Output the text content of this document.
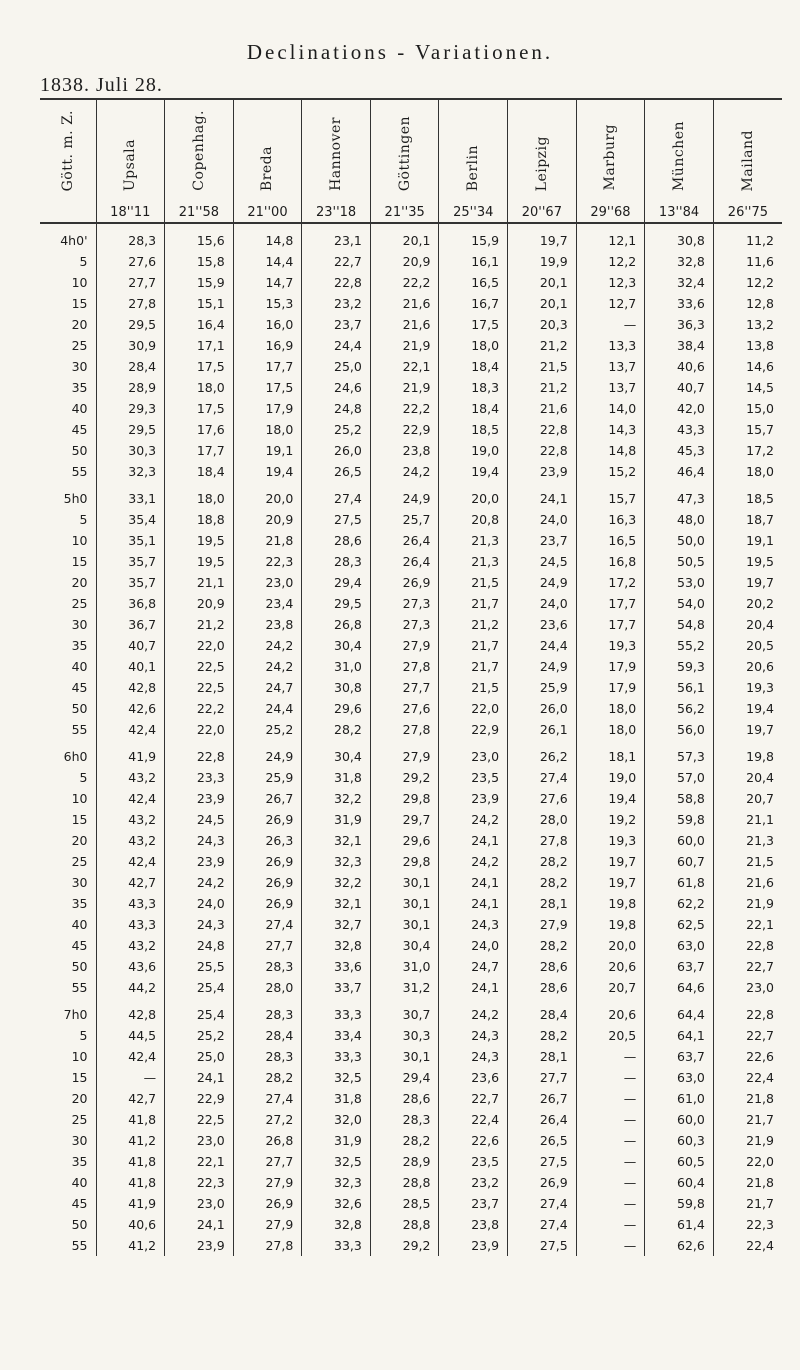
Declinations - Variationen.
1838. Juli 28.
Gött. m. Z.	Upsala	Copenhag.	Breda	Hannover	Göttingen	Berlin	Leipzig	Marburg	München	Mailand
	18''11	21''58	21''00	23''18	21''35	25''34	20''67	29''68	13''84	26''75
4h0'	28,3	15,6	14,8	23,1	20,1	15,9	19,7	12,1	30,8	11,2
5	27,6	15,8	14,4	22,7	20,9	16,1	19,9	12,2	32,8	11,6
10	27,7	15,9	14,7	22,8	22,2	16,5	20,1	12,3	32,4	12,2
15	27,8	15,1	15,3	23,2	21,6	16,7	20,1	12,7	33,6	12,8
20	29,5	16,4	16,0	23,7	21,6	17,5	20,3	—	36,3	13,2
25	30,9	17,1	16,9	24,4	21,9	18,0	21,2	13,3	38,4	13,8
30	28,4	17,5	17,7	25,0	22,1	18,4	21,5	13,7	40,6	14,6
35	28,9	18,0	17,5	24,6	21,9	18,3	21,2	13,7	40,7	14,5
40	29,3	17,5	17,9	24,8	22,2	18,4	21,6	14,0	42,0	15,0
45	29,5	17,6	18,0	25,2	22,9	18,5	22,8	14,3	43,3	15,7
50	30,3	17,7	19,1	26,0	23,8	19,0	22,8	14,8	45,3	17,2
55	32,3	18,4	19,4	26,5	24,2	19,4	23,9	15,2	46,4	18,0
5h0	33,1	18,0	20,0	27,4	24,9	20,0	24,1	15,7	47,3	18,5
5	35,4	18,8	20,9	27,5	25,7	20,8	24,0	16,3	48,0	18,7
10	35,1	19,5	21,8	28,6	26,4	21,3	23,7	16,5	50,0	19,1
15	35,7	19,5	22,3	28,3	26,4	21,3	24,5	16,8	50,5	19,5
20	35,7	21,1	23,0	29,4	26,9	21,5	24,9	17,2	53,0	19,7
25	36,8	20,9	23,4	29,5	27,3	21,7	24,0	17,7	54,0	20,2
30	36,7	21,2	23,8	26,8	27,3	21,2	23,6	17,7	54,8	20,4
35	40,7	22,0	24,2	30,4	27,9	21,7	24,4	19,3	55,2	20,5
40	40,1	22,5	24,2	31,0	27,8	21,7	24,9	17,9	59,3	20,6
45	42,8	22,5	24,7	30,8	27,7	21,5	25,9	17,9	56,1	19,3
50	42,6	22,2	24,4	29,6	27,6	22,0	26,0	18,0	56,2	19,4
55	42,4	22,0	25,2	28,2	27,8	22,9	26,1	18,0	56,0	19,7
6h0	41,9	22,8	24,9	30,4	27,9	23,0	26,2	18,1	57,3	19,8
5	43,2	23,3	25,9	31,8	29,2	23,5	27,4	19,0	57,0	20,4
10	42,4	23,9	26,7	32,2	29,8	23,9	27,6	19,4	58,8	20,7
15	43,2	24,5	26,9	31,9	29,7	24,2	28,0	19,2	59,8	21,1
20	43,2	24,3	26,3	32,1	29,6	24,1	27,8	19,3	60,0	21,3
25	42,4	23,9	26,9	32,3	29,8	24,2	28,2	19,7	60,7	21,5
30	42,7	24,2	26,9	32,2	30,1	24,1	28,2	19,7	61,8	21,6
35	43,3	24,0	26,9	32,1	30,1	24,1	28,1	19,8	62,2	21,9
40	43,3	24,3	27,4	32,7	30,1	24,3	27,9	19,8	62,5	22,1
45	43,2	24,8	27,7	32,8	30,4	24,0	28,2	20,0	63,0	22,8
50	43,6	25,5	28,3	33,6	31,0	24,7	28,6	20,6	63,7	22,7
55	44,2	25,4	28,0	33,7	31,2	24,1	28,6	20,7	64,6	23,0
7h0	42,8	25,4	28,3	33,3	30,7	24,2	28,4	20,6	64,4	22,8
5	44,5	25,2	28,4	33,4	30,3	24,3	28,2	20,5	64,1	22,7
10	42,4	25,0	28,3	33,3	30,1	24,3	28,1	—	63,7	22,6
15	—	24,1	28,2	32,5	29,4	23,6	27,7	—	63,0	22,4
20	42,7	22,9	27,4	31,8	28,6	22,7	26,7	—	61,0	21,8
25	41,8	22,5	27,2	32,0	28,3	22,4	26,4	—	60,0	21,7
30	41,2	23,0	26,8	31,9	28,2	22,6	26,5	—	60,3	21,9
35	41,8	22,1	27,7	32,5	28,9	23,5	27,5	—	60,5	22,0
40	41,8	22,3	27,9	32,3	28,8	23,2	26,9	—	60,4	21,8
45	41,9	23,0	26,9	32,6	28,5	23,7	27,4	—	59,8	21,7
50	40,6	24,1	27,9	32,8	28,8	23,8	27,4	—	61,4	22,3
55	41,2	23,9	27,8	33,3	29,2	23,9	27,5	—	62,6	22,4
